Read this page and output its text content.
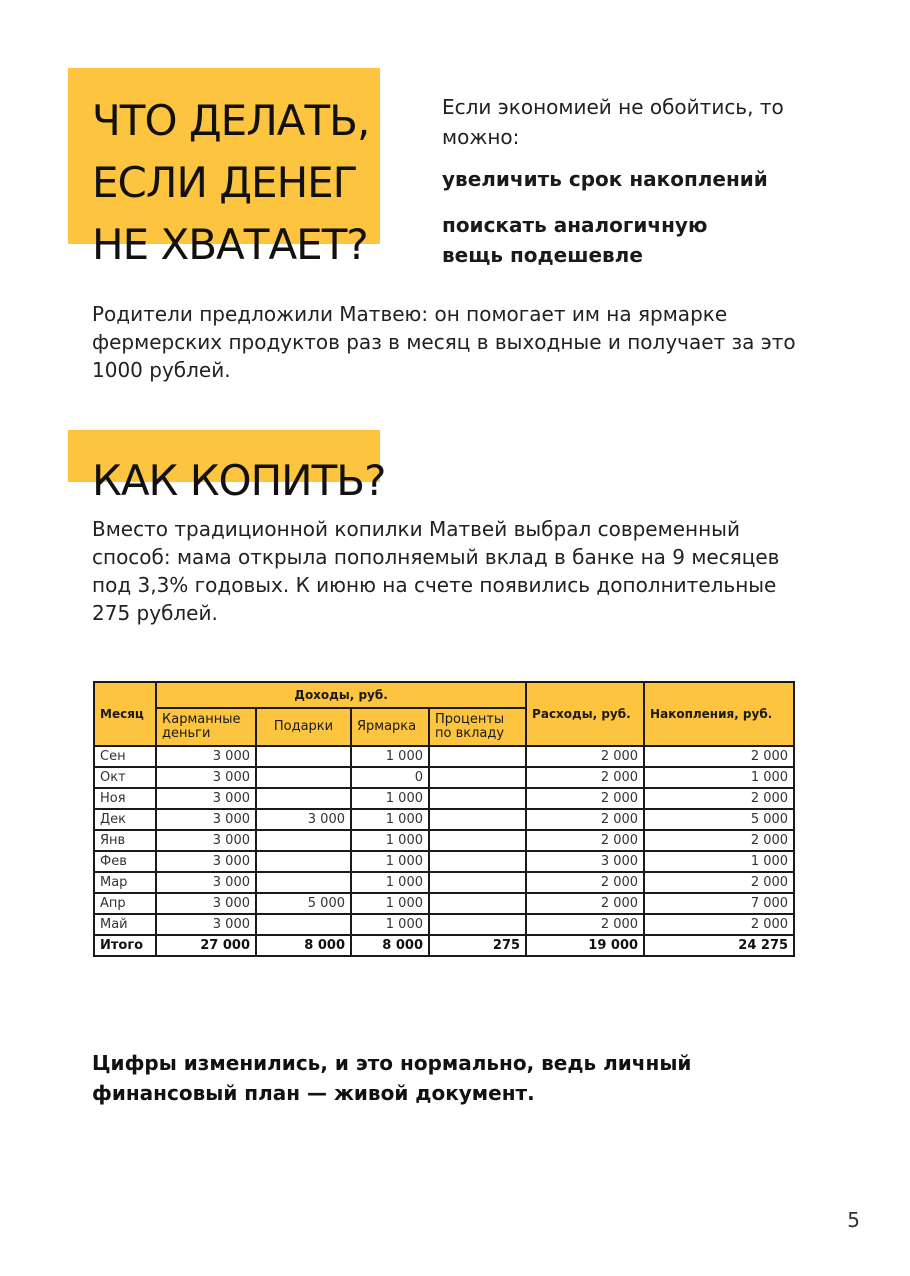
ЧТО ДЕЛАТЬ, ЕСЛИ ДЕНЕГ НЕ ХВАТАЕТ?
Если экономией не обойтись, то можно:
увеличить срок накоплений
поискать аналогичную вещь подешевле

Родители предложили Матвею: он помогает им на ярмарке фермерских продуктов раз в месяц в выходные и получает за это 1000 рублей.

КАК КОПИТЬ?

Вместо традиционной копилки Матвей выбрал современный способ: мама открыла пополняемый вклад в банке на 9 месяцев под 3,3% годовых. К июню на счете появились дополнительные 275 рублей.

Месяц	Доходы, руб.				Расходы, руб.	Накопления, руб.
	Карманные деньги	Подарки	Ярмарка	Проценты по вкладу		
Сен	3 000		1 000		2 000	2 000
Окт	3 000		0		2 000	1 000
Ноя	3 000		1 000		2 000	2 000
Дек	3 000	3 000	1 000		2 000	5 000
Янв	3 000		1 000		2 000	2 000
Фев	3 000		1 000		3 000	1 000
Мар	3 000		1 000		2 000	2 000
Апр	3 000	5 000	1 000		2 000	7 000
Май	3 000		1 000		2 000	2 000
Итого	27 000	8 000	8 000	275	19 000	24 275
Цифры изменились, и это нормально, ведь личный финансовый план — живой документ.
5
